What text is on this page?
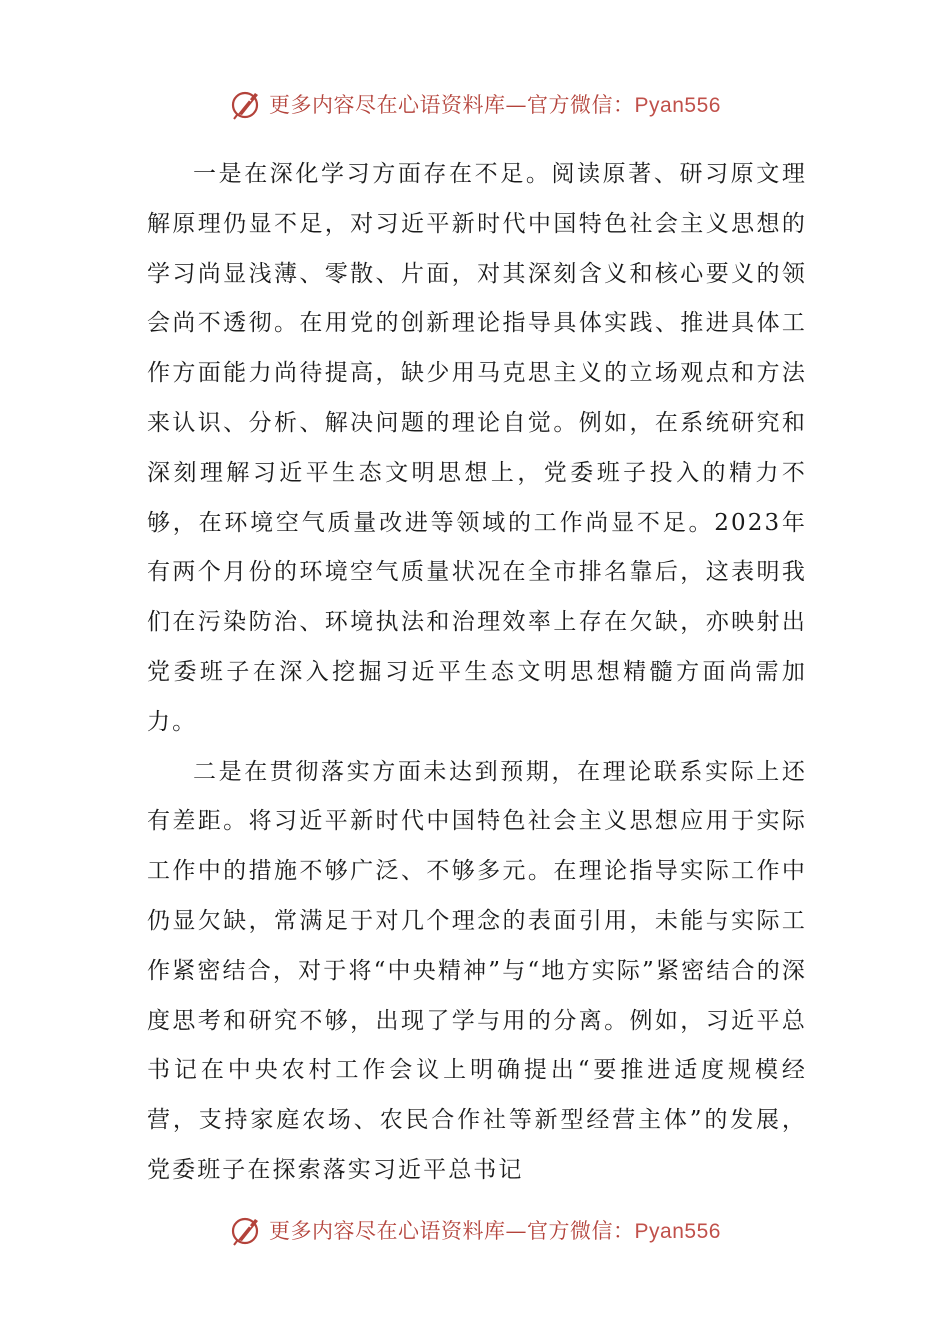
更多内容尽在心语资料库—官方微信：Pyan556

一是在深化学习方面存在不足。阅读原著、研习原文理解原理仍显不足，对习近平新时代中国特色社会主义思想的学习尚显浅薄、零散、片面，对其深刻含义和核心要义的领会尚不透彻。在用党的创新理论指导具体实践、推进具体工作方面能力尚待提高，缺少用马克思主义的立场观点和方法来认识、分析、解决问题的理论自觉。例如，在系统研究和深刻理解习近平生态文明思想上，党委班子投入的精力不够，在环境空气质量改进等领域的工作尚显不足。2023年有两个月份的环境空气质量状况在全市排名靠后，这表明我们在污染防治、环境执法和治理效率上存在欠缺，亦映射出党委班子在深入挖掘习近平生态文明思想精髓方面尚需加力。

二是在贯彻落实方面未达到预期，在理论联系实际上还有差距。将习近平新时代中国特色社会主义思想应用于实际工作中的措施不够广泛、不够多元。在理论指导实际工作中仍显欠缺，常满足于对几个理念的表面引用，未能与实际工作紧密结合，对于将“中央精神”与“地方实际”紧密结合的深度思考和研究不够，出现了学与用的分离。例如，习近平总书记在中央农村工作会议上明确提出“要推进适度规模经营，支持家庭农场、农民合作社等新型经营主体”的发展，党委班子在探索落实习近平总书记

更多内容尽在心语资料库—官方微信：Pyan556
